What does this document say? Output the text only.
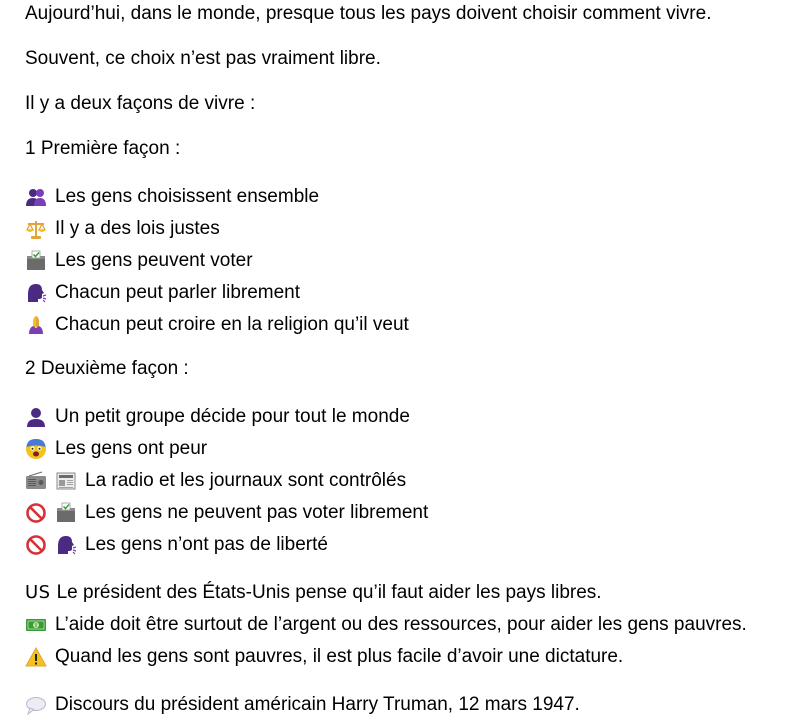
Aujourd’hui, dans le monde, presque tous les pays doivent choisir comment vivre.
Souvent, ce choix n’est pas vraiment libre.
Il y a deux façons de vivre :
1 Première façon :
Les gens choisissent ensemble
Il y a des lois justes
Les gens peuvent voter
Chacun peut parler librement
Chacun peut croire en la religion qu’il veut
2 Deuxième façon :
Un petit groupe décide pour tout le monde
Les gens ont peur
La radio et les journaux sont contrôlés
Les gens ne peuvent pas voter librement
Les gens n’ont pas de liberté
US Le président des États-Unis pense qu’il faut aider les pays libres.
L’aide doit être surtout de l’argent ou des ressources, pour aider les gens pauvres.
Quand les gens sont pauvres, il est plus facile d’avoir une dictature.
Discours du président américain Harry Truman, 12 mars 1947.
